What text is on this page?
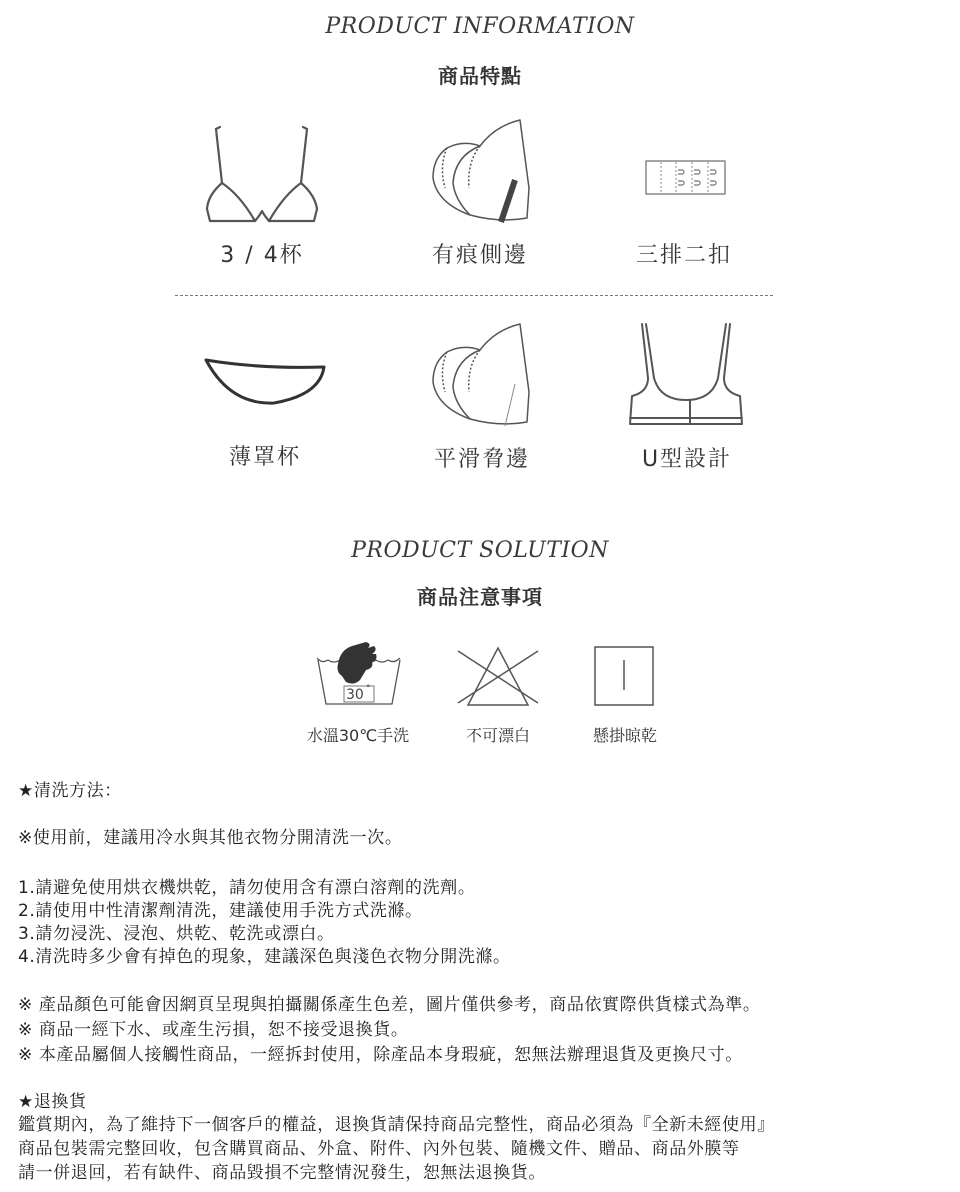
PRODUCT INFORMATION
商品特點
3 / 4杯	有痕側邊	三排二扣
薄罩杯	平滑脅邊	U型設計
PRODUCT SOLUTION
商品注意事項
30 °
水溫30℃手洗	不可漂白	懸掛晾乾
★清洗方法：
※使用前，建議用冷水與其他衣物分開清洗一次。
1.請避免使用烘衣機烘乾，請勿使用含有漂白溶劑的洗劑。
2.請使用中性清潔劑清洗，建議使用手洗方式洗滌。
3.請勿浸洗、浸泡、烘乾、乾洗或漂白。
4.清洗時多少會有掉色的現象，建議深色與淺色衣物分開洗滌。
※ 產品顏色可能會因網頁呈現與拍攝關係產生色差，圖片僅供參考，商品依實際供貨樣式為準。
※ 商品一經下水、或產生污損，恕不接受退換貨。
※ 本產品屬個人接觸性商品，一經拆封使用，除產品本身瑕疵，恕無法辦理退貨及更換尺寸。
★退換貨
鑑賞期內，為了維持下一個客戶的權益，退換貨請保持商品完整性，商品必須為『全新未經使用』
商品包裝需完整回收，包含購買商品、外盒、附件、內外包裝、隨機文件、贈品、商品外膜等
請一併退回，若有缺件、商品毀損不完整情況發生，恕無法退換貨。
